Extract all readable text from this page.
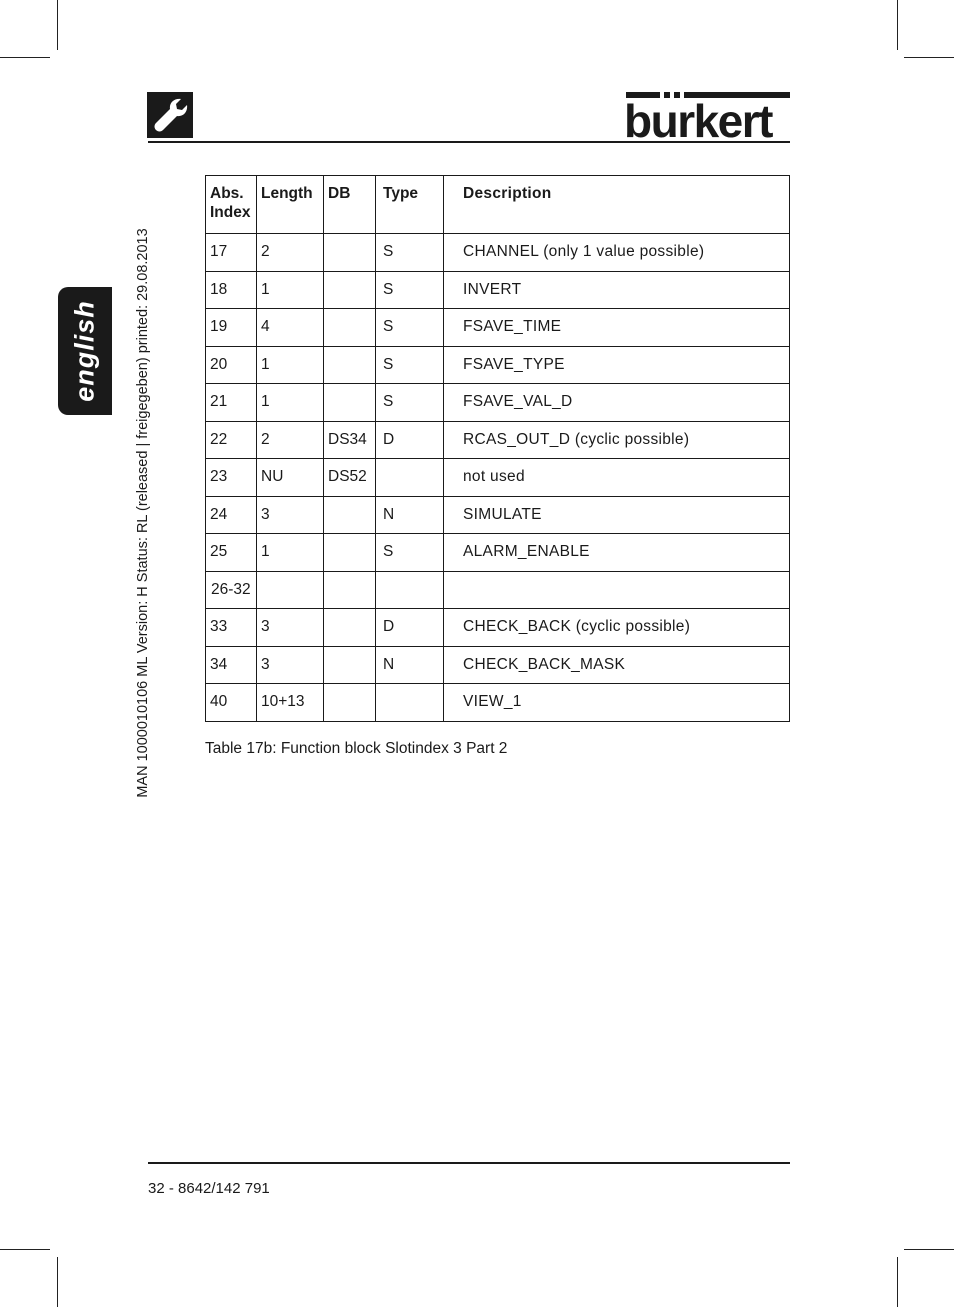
burkert
english MAN 1000010106 ML Version: H Status: RL (released | freigegeben) printed: 29.08.2013
Abs.
Index	Length	DB	Type	Description
17	2		S	CHANNEL (only 1 value possible)
18	1		S	INVERT
19	4		S	FSAVE_TIME
20	1		S	FSAVE_TYPE
21	1		S	FSAVE_VAL_D
22	2	DS34	D	RCAS_OUT_D (cyclic possible)
23	NU	DS52		not used
24	3		N	SIMULATE
25	1		S	ALARM_ENABLE
26-32				
33	3		D	CHECK_BACK (cyclic possible)
34	3		N	CHECK_BACK_MASK
40	10+13			VIEW_1
Table 17b: Function block Slotindex 3 Part 2
32 - 8642/142 791
